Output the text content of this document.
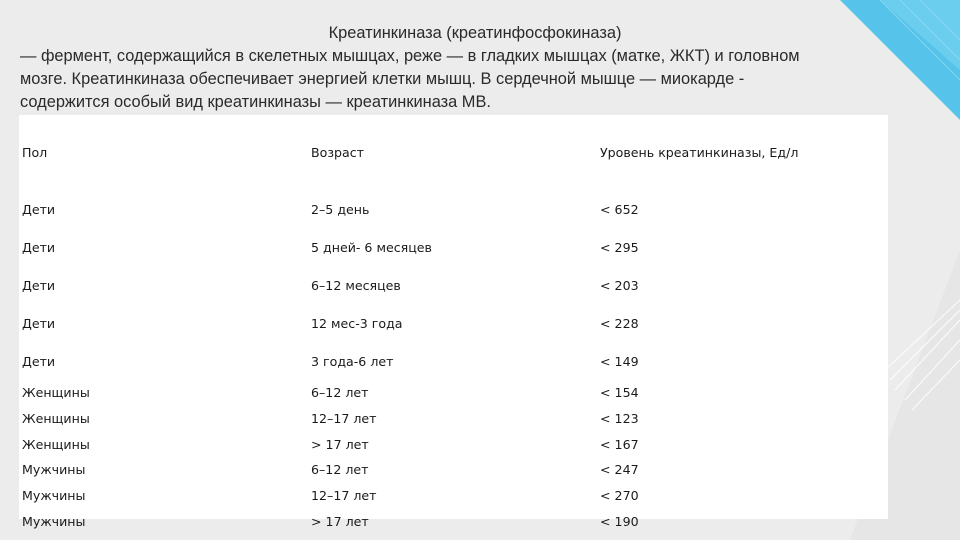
Креатинкиназа (креатинфосфокиназа)
— фермент, содержащийся в скелетных мышцах, реже — в гладких мышцах (матке, ЖКТ) и головном
мозге. Креатинкиназа обеспечивает энергией клетки мышц. В сердечной мышце — миокарде -
содержится особый вид креатинкиназы — креатинкиназа МВ.
Пол	Возраст	Уровень креатинкиназы, Ед/л
Дети	2–5 день	< 652
Дети	5 дней- 6 месяцев	< 295
Дети	6–12 месяцев	< 203
Дети	12 мес-3 года	< 228
Дети	3 года-6 лет	< 149
Женщины	6–12 лет	< 154
Женщины	12–17 лет	< 123
Женщины	> 17 лет	< 167
Мужчины	6–12 лет	< 247
Мужчины	12–17 лет	< 270
Мужчины	> 17 лет	< 190
